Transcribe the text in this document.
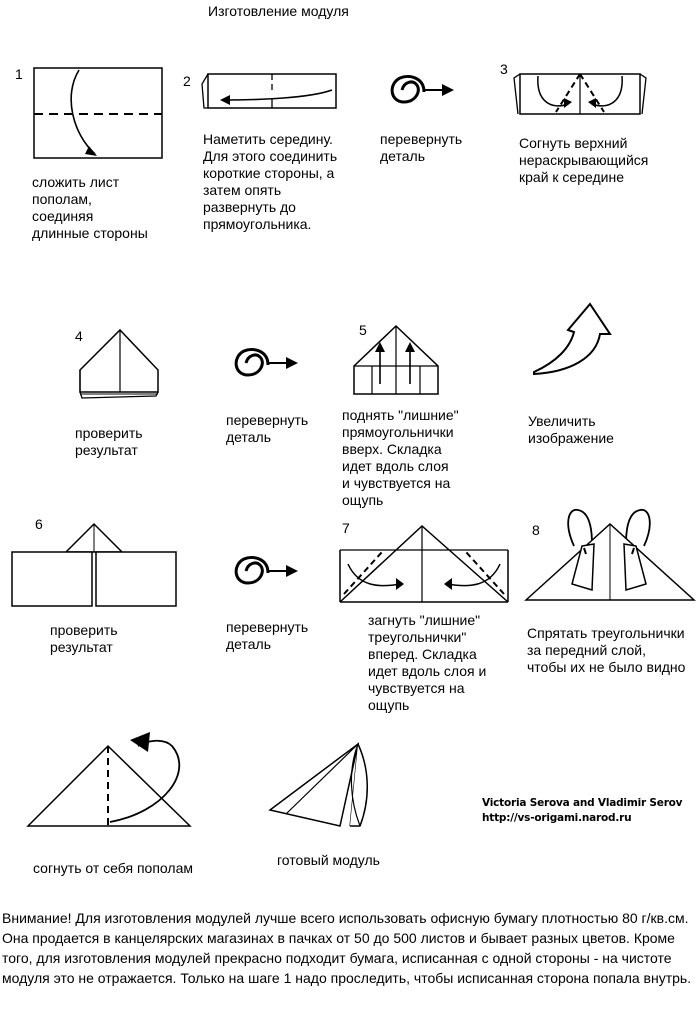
Изготовление модуля
1
сложить лист
пополам,
соединяя
длинные стороны
2
Наметить середину.
Для этого соединить
короткие стороны, а
затем опять
развернуть до
прямоугольника.
перевернуть
деталь
3
Согнуть верхний
нераскрывающийся
край к середине
4
проверить
результат
перевернуть
деталь
5
поднять "лишние"
прямоугольнички
вверх. Складка
идет вдоль слоя
и чувствуется на
ощупь
Увеличить
изображение
6
проверить
результат
перевернуть
деталь
7
загнуть "лишние"
треугольнички"
вперед. Складка
идет вдоль слоя и
чувствуется на
ощупь
8
Спрятать треугольнички
за передний слой,
чтобы их не было видно
согнуть от себя пополам	готовый модуль
Victoria Serova and Vladimir Serov
http://vs-origami.narod.ru
Внимание! Для изготовления модулей лучше всего использовать офисную бумагу плотностью 80 г/кв.см. Она продается в канцелярских магазинах в пачках от 50 до 500 листов и бывает разных цветов. Кроме того, для изготовления модулей прекрасно подходит бумага, исписанная с одной стороны - на чистоте модуля это не отражается. Только на шаге 1 надо проследить, чтобы исписанная сторона попала внутрь.
